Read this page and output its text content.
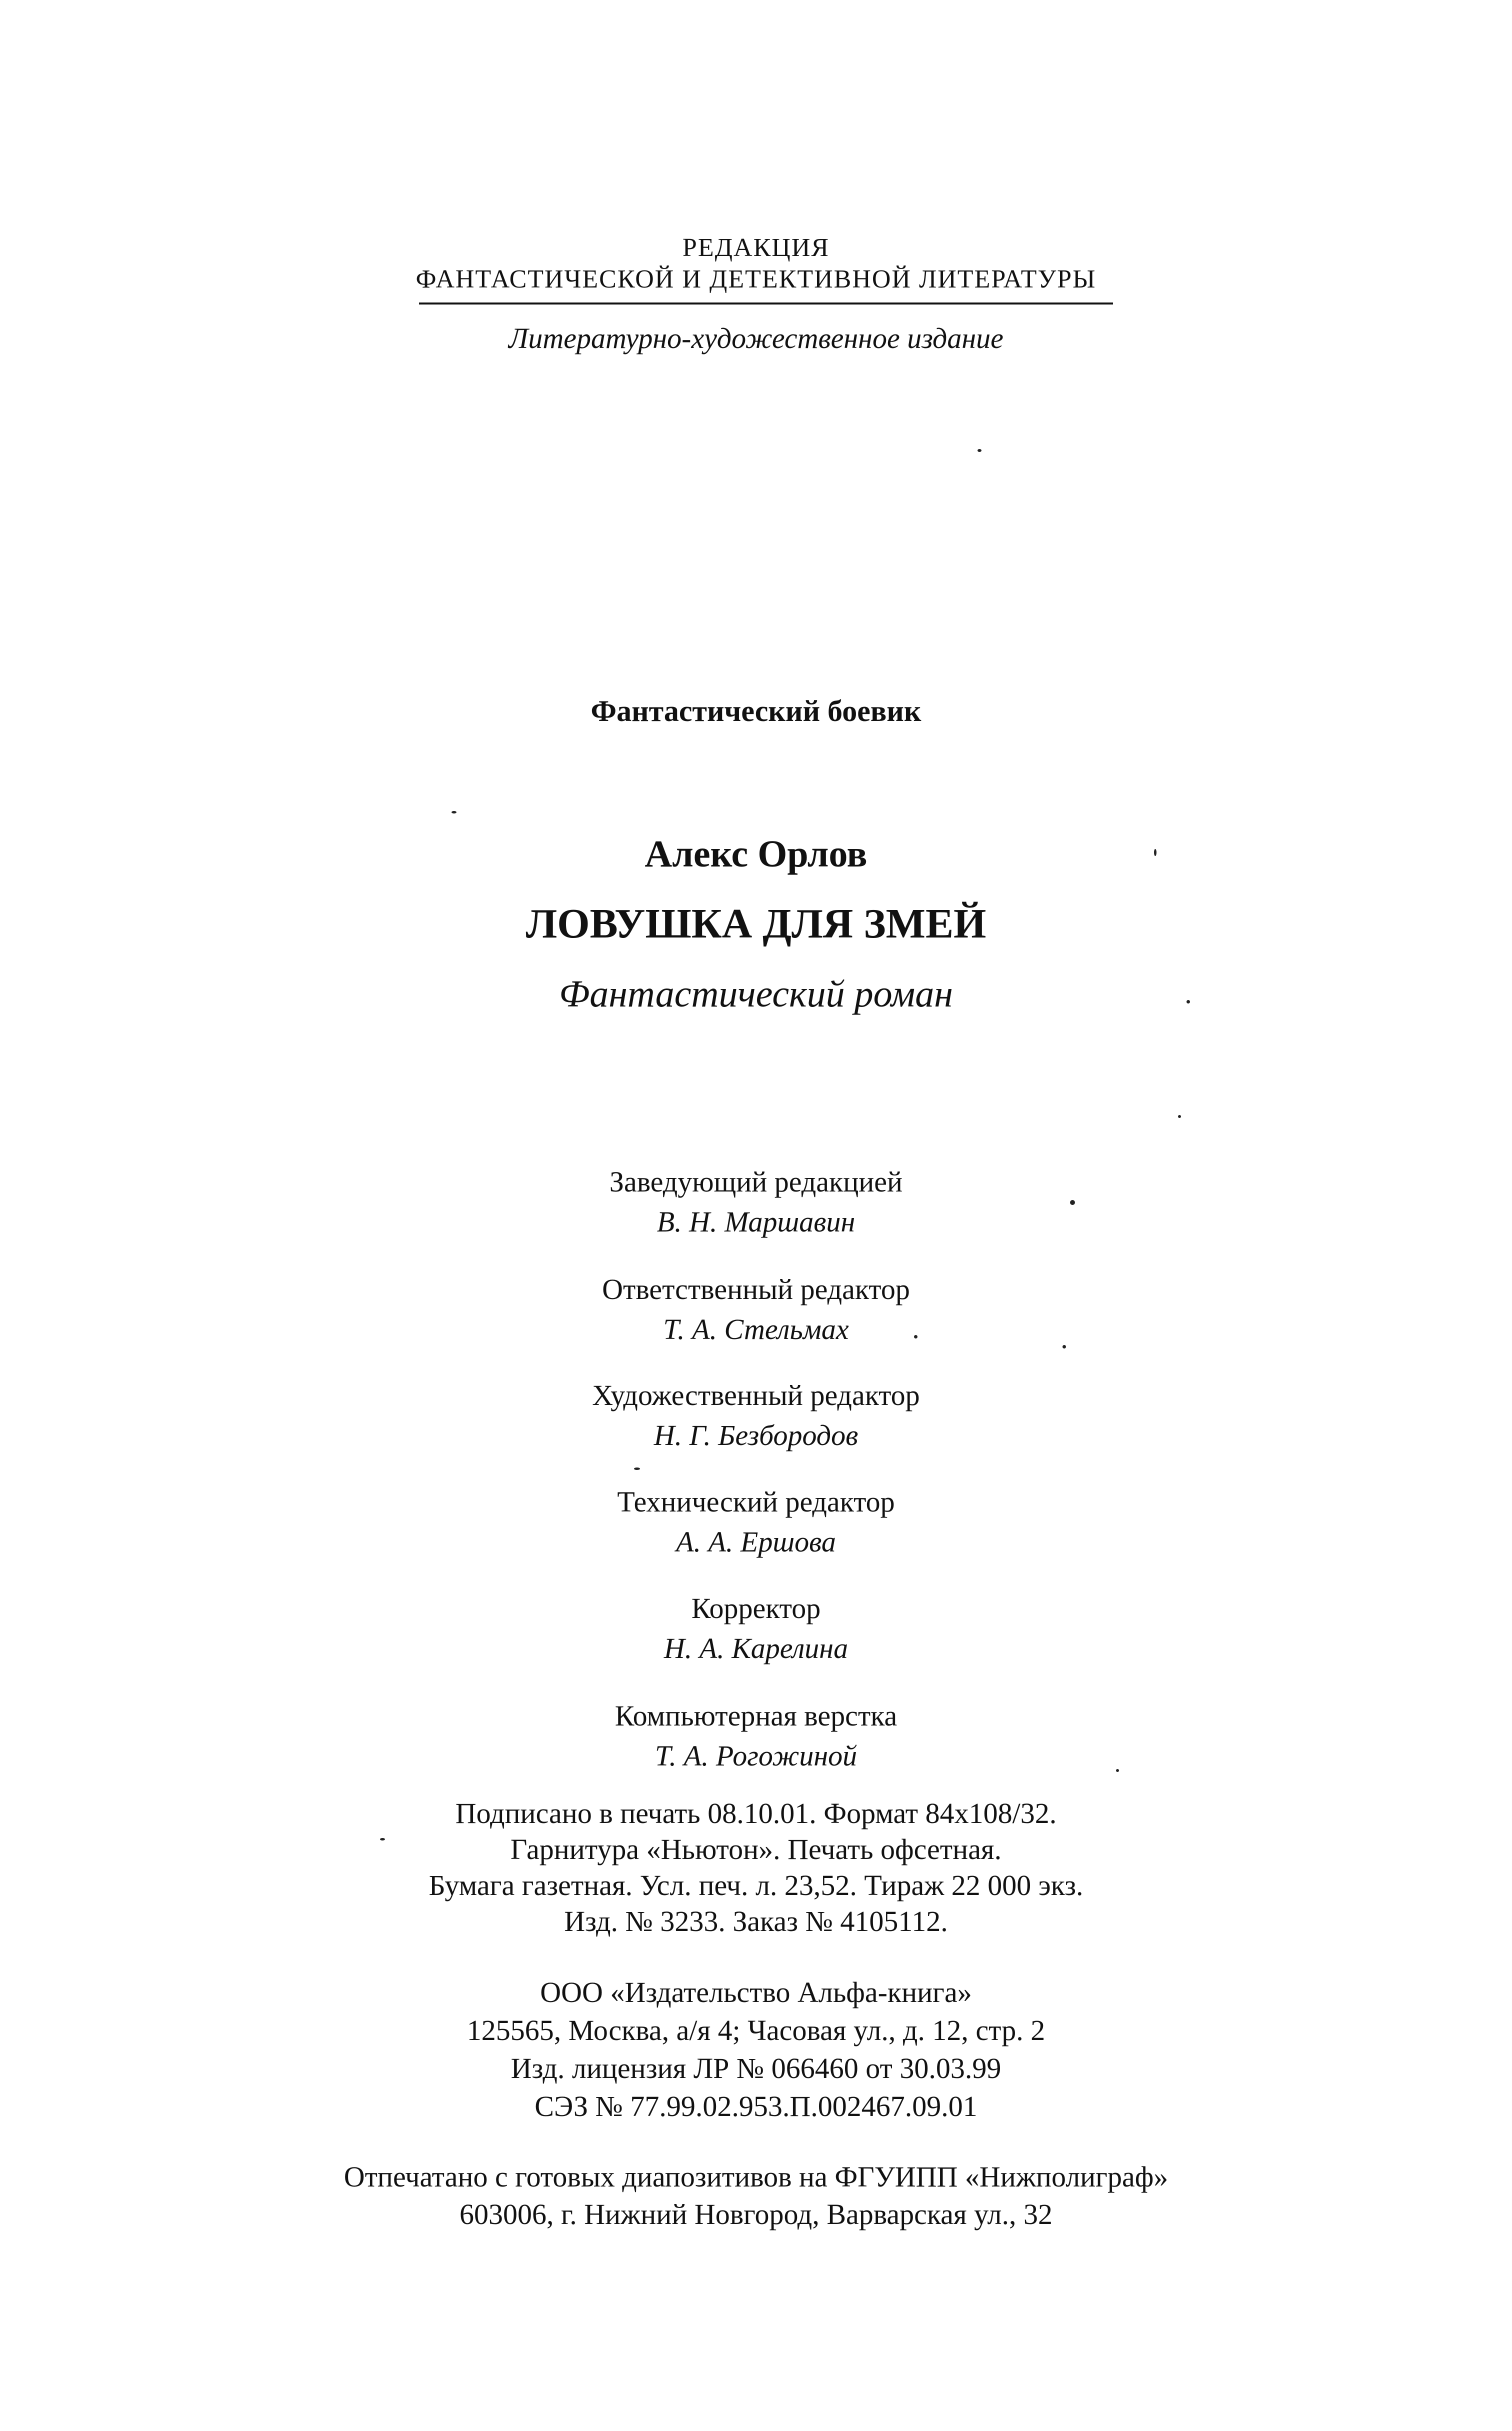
РЕДАКЦИЯ
ФАНТАСТИЧЕСКОЙ И ДЕТЕКТИВНОЙ ЛИТЕРАТУРЫ
Литературно-художественное издание
Фантастический боевик
Алекс Орлов
ЛОВУШКА ДЛЯ ЗМЕЙ
Фантастический роман
Заведующий редакцией
В. Н. Маршавин
Ответственный редактор
Т. А. Стельмах
Художественный редактор
Н. Г. Безбородов
Технический редактор
А. А. Ершова
Корректор
Н. А. Карелина
Компьютерная верстка
Т. А. Рогожиной
Подписано в печать 08.10.01. Формат 84x108/32.
Гарнитура «Ньютон». Печать офсетная.
Бумага газетная. Усл. печ. л. 23,52. Тираж 22 000 экз.
Изд. № 3233. Заказ № 4105112.
ООО «Издательство Альфа-книга»
125565, Москва, а/я 4; Часовая ул., д. 12, стр. 2
Изд. лицензия ЛР № 066460 от 30.03.99
СЭЗ № 77.99.02.953.П.002467.09.01
Отпечатано с готовых диапозитивов на ФГУИПП «Нижполиграф»
603006, г. Нижний Новгород, Варварская ул., 32
